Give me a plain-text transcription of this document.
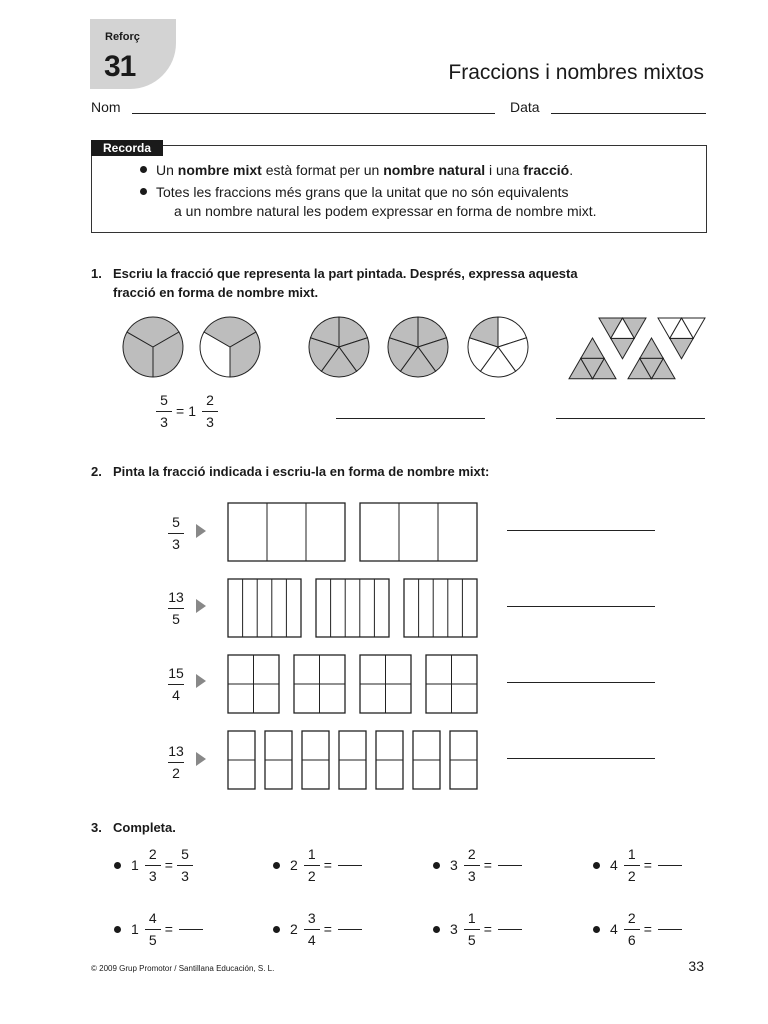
Reforç
31	Fraccions i nombres mixtos
Nom	Data
Recorda
Un nombre mixt està format per un nombre natural i una fracció.
Totes les fraccions més grans que la unitat que no són equivalents
a un nombre natural les podem expressar en forma de nombre mixt.
1. Escriu la fracció que representa la part pintada. Després, expressa aquesta
fracció en forma de nombre mixt.
$\frac{5}{3} = 1 \frac{2}{3}$
2. Pinta la fracció indicada i escriu-la en forma de nombre mixt:
$\frac{5}{3}$
$\frac{13}{5}$
$\frac{15}{4}$
$\frac{13}{2}$
3. Completa.
$1 \frac{2}{3} = \frac{5}{3}$	$2 \frac{1}{2}$ =	$3 \frac{2}{3}$ =	$4 \frac{1}{2}$ =
$1 \frac{4}{5}$ =	$2 \frac{3}{4}$ =	$3 \frac{1}{5}$ =	$4 \frac{2}{6}$ =
© 2009 Grup Promotor / Santillana Educación, S. L.	33
